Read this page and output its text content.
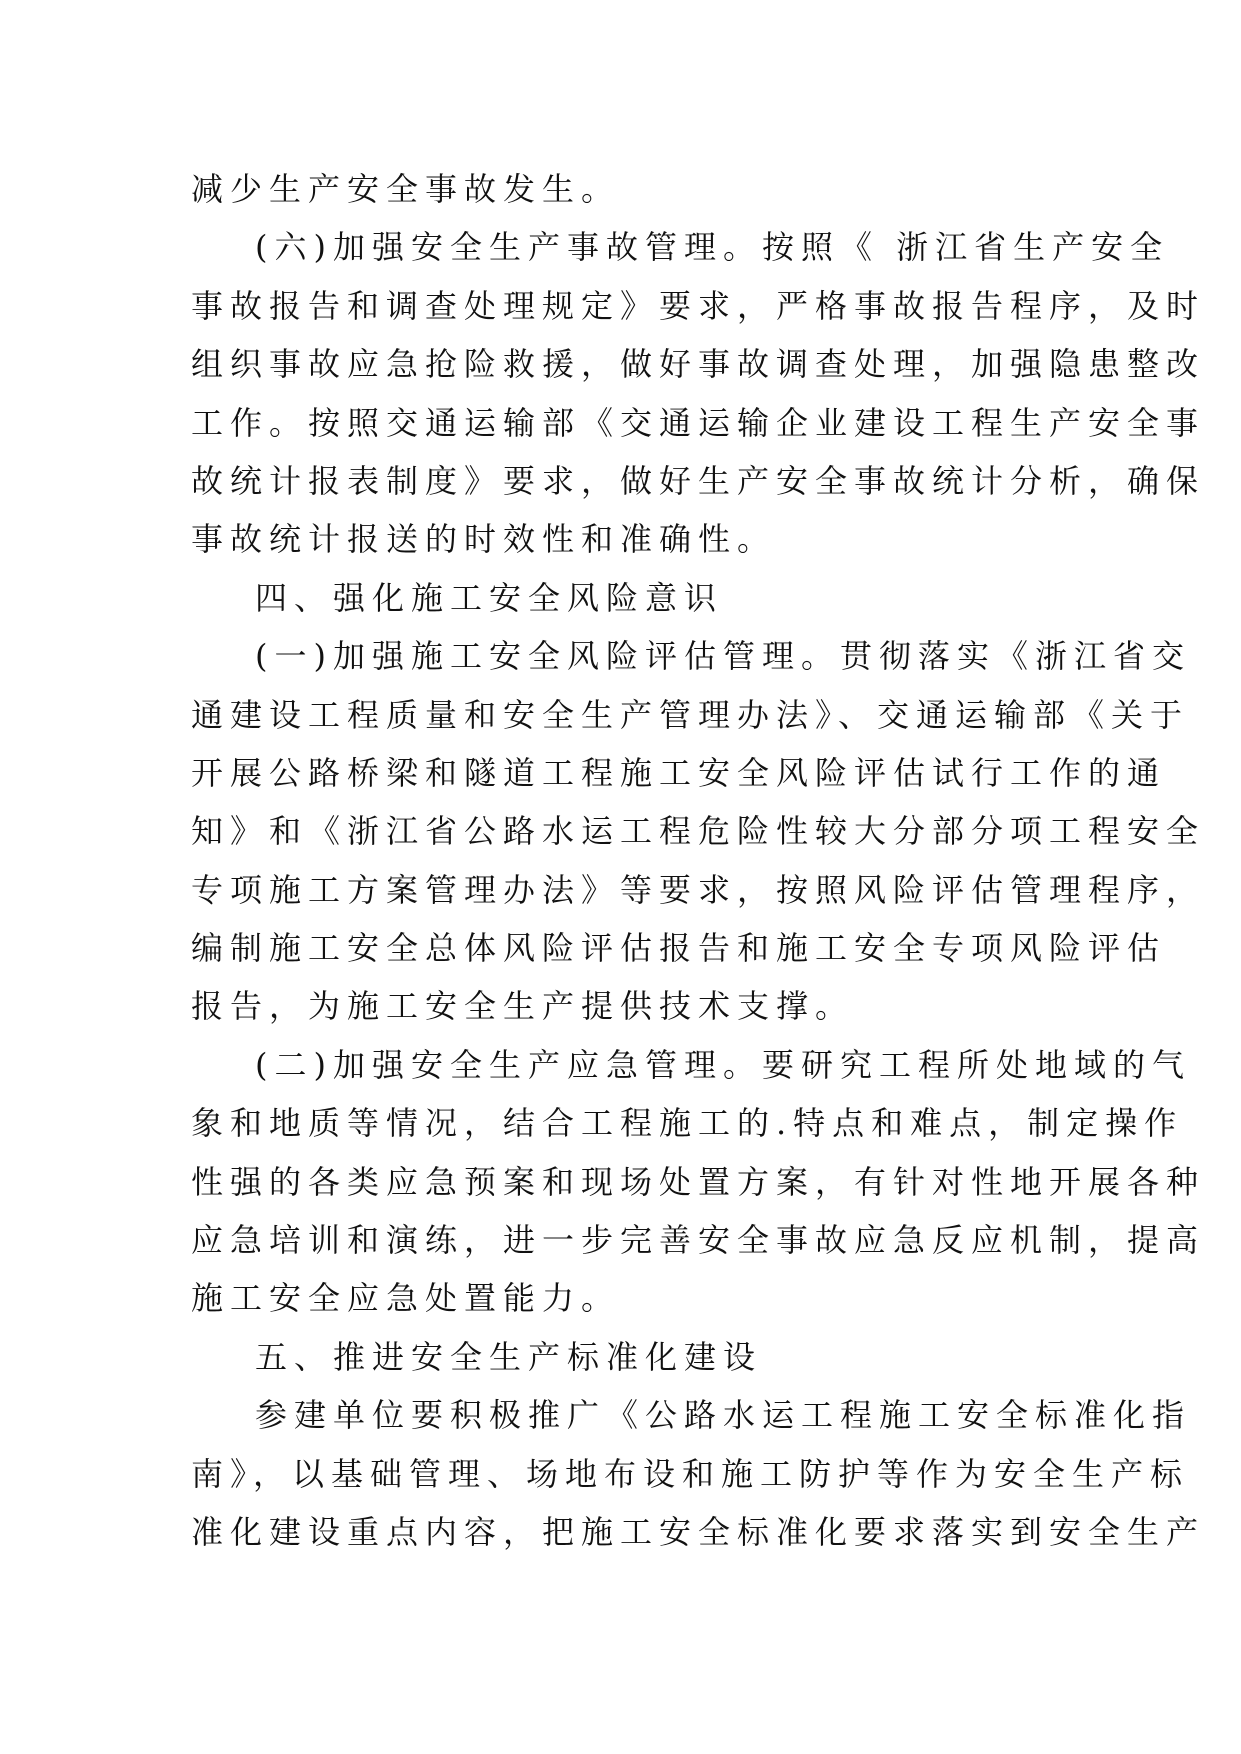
减少生产安全事故发生。
(六)加强安全生产事故管理。按照《 浙江省生产安全
事故报告和调查处理规定》要求，严格事故报告程序，及时
组织事故应急抢险救援，做好事故调查处理，加强隐患整改
工作。按照交通运输部《交通运输企业建设工程生产安全事
故统计报表制度》要求，做好生产安全事故统计分析，确保
事故统计报送的时效性和准确性。
四、强化施工安全风险意识
(一)加强施工安全风险评估管理。贯彻落实《浙江省交
通建设工程质量和安全生产管理办法》、交通运输部《关于
开展公路桥梁和隧道工程施工安全风险评估试行工作的通
知》和《浙江省公路水运工程危险性较大分部分项工程安全
专项施工方案管理办法》等要求，按照风险评估管理程序，
编制施工安全总体风险评估报告和施工安全专项风险评估
报告，为施工安全生产提供技术支撑。
(二)加强安全生产应急管理。要研究工程所处地域的气
象和地质等情况，结合工程施工的.特点和难点，制定操作
性强的各类应急预案和现场处置方案，有针对性地开展各种
应急培训和演练，进一步完善安全事故应急反应机制，提高
施工安全应急处置能力。
五、推进安全生产标准化建设
参建单位要积极推广《公路水运工程施工安全标准化指
南》，以基础管理、场地布设和施工防护等作为安全生产标
准化建设重点内容，把施工安全标准化要求落实到安全生产
